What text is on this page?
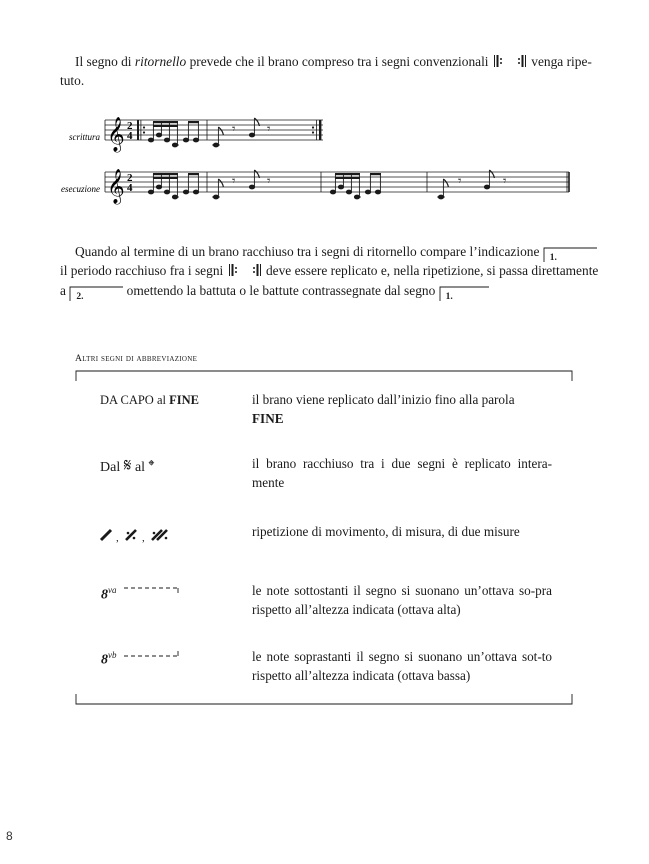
Il segno di ritornello prevede che il brano compreso tra i segni convenzionali	venga ripe-
tuto.
scrittura
esecuzione
𝄞 2
4	𝄾 𝄾
𝄞 2
4	𝄾 𝄾	𝄾	𝄾
Quando al termine di un brano racchiuso tra i segni di ritornello compare l’indicazione 1.
il periodo racchiuso fra i segni	deve essere replicato e, nella ripetizione, si passa direttamente
a 2.	omettendo la battuta o le battute contrassegnate dal segno 1.
Altri segni di abbreviazione
DA CAPO al FINE	il brano viene replicato dall’inizio fino alla parola
FINE
Dal 𝄋 al 𝄌	il brano racchiuso tra i due segni è replicato intera-mente
, ,	ripetizione di movimento, di misura, di due misure
$8^{va}$	le note sottostanti il segno si suonano un’ottava so-pra rispetto all’altezza indicata (ottava alta)
$8^{vb}$	le note soprastanti il segno si suonano un’ottava sot-to rispetto all’altezza indicata (ottava bassa)
8
